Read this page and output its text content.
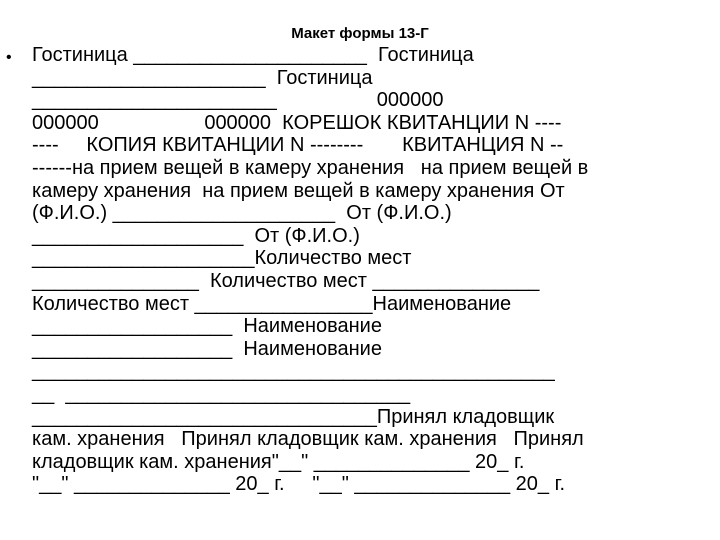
Макет формы 13-Г
• Гостиница _____________________  Гостиница
_____________________  Гостиница
______________________                  000000
000000                   000000  КОРЕШОК КВИТАНЦИИ N ----
----     КОПИЯ КВИТАНЦИИ N --------       КВИТАНЦИЯ N --
------на прием вещей в камеру хранения   на прием вещей в
камеру хранения  на прием вещей в камеру хранения От
(Ф.И.О.) ____________________  От (Ф.И.О.)
___________________  От (Ф.И.О.)
____________________Количество мест
_______________  Количество мест _______________
Количество мест ________________Наименование
__________________  Наименование
__________________  Наименование
_______________________________________________
__  _______________________________
_______________________________Принял кладовщик
кам. хранения   Принял кладовщик кам. хранения   Принял
кладовщик кам. хранения"__" ______________ 20_ г.
"__" ______________ 20_ г.     "__" ______________ 20_ г.
